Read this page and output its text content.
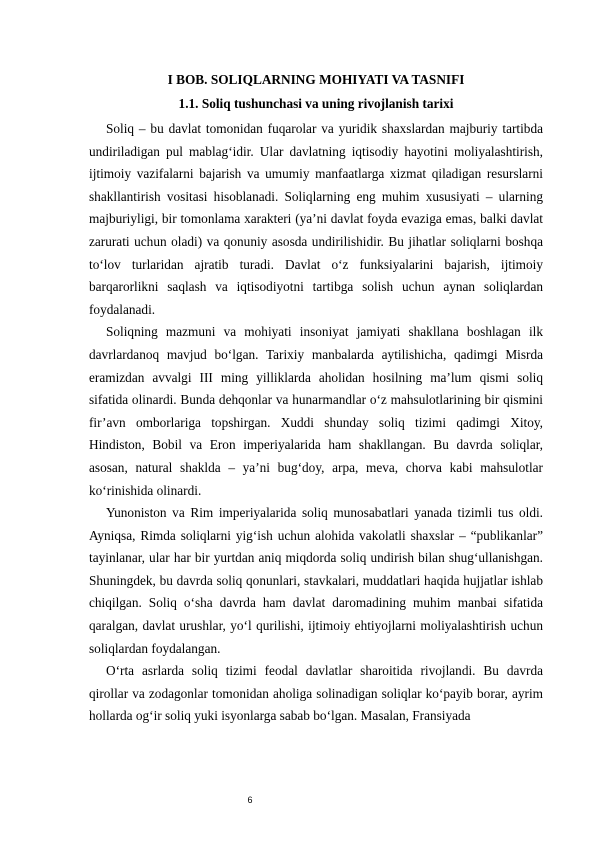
I BOB. SOLIQLARNING MOHIYATI VA TASNIFI
1.1. Soliq tushunchasi va uning rivojlanish tarixi

Soliq – bu davlat tomonidan fuqarolar va yuridik shaxslardan majburiy tartibda undiriladigan pul mablag‘idir. Ular davlatning iqtisodiy hayotini moliyalashtirish, ijtimoiy vazifalarni bajarish va umumiy manfaatlarga xizmat qiladigan resurslarni shakllantirish vositasi hisoblanadi. Soliqlarning eng muhim xususiyati – ularning majburiyligi, bir tomonlama xarakteri (ya’ni davlat foyda evaziga emas, balki davlat zarurati uchun oladi) va qonuniy asosda undirilishidir. Bu jihatlar soliqlarni boshqa to‘lov turlaridan ajratib turadi. Davlat o‘z funksiyalarini bajarish, ijtimoiy barqarorlikni saqlash va iqtisodiyotni tartibga solish uchun aynan soliqlardan foydalanadi.

Soliqning mazmuni va mohiyati insoniyat jamiyati shakllana boshlagan ilk davrlardanoq mavjud bo‘lgan. Tarixiy manbalarda aytilishicha, qadimgi Misrda eramizdan avvalgi III ming yilliklarda aholidan hosilning ma’lum qismi soliq sifatida olinardi. Bunda dehqonlar va hunarmandlar o‘z mahsulotlarining bir qismini fir’avn omborlariga topshirgan. Xuddi shunday soliq tizimi qadimgi Xitoy, Hindiston, Bobil va Eron imperiyalarida ham shakllangan. Bu davrda soliqlar, asosan, natural shaklda – ya’ni bug‘doy, arpa, meva, chorva kabi mahsulotlar ko‘rinishida olinardi.

Yunoniston va Rim imperiyalarida soliq munosabatlari yanada tizimli tus oldi. Ayniqsa, Rimda soliqlarni yig‘ish uchun alohida vakolatli shaxslar – “publikanlar” tayinlanar, ular har bir yurtdan aniq miqdorda soliq undirish bilan shug‘ullanishgan. Shuningdek, bu davrda soliq qonunlari, stavkalari, muddatlari haqida hujjatlar ishlab chiqilgan. Soliq o‘sha davrda ham davlat daromadining muhim manbai sifatida qaralgan, davlat urushlar, yo‘l qurilishi, ijtimoiy ehtiyojlarni moliyalashtirish uchun soliqlardan foydalangan.

O‘rta asrlarda soliq tizimi feodal davlatlar sharoitida rivojlandi. Bu davrda qirollar va zodagonlar tomonidan aholiga solinadigan soliqlar ko‘payib borar, ayrim hollarda og‘ir soliq yuki isyonlarga sabab bo‘lgan. Masalan, Fransiyada

6
